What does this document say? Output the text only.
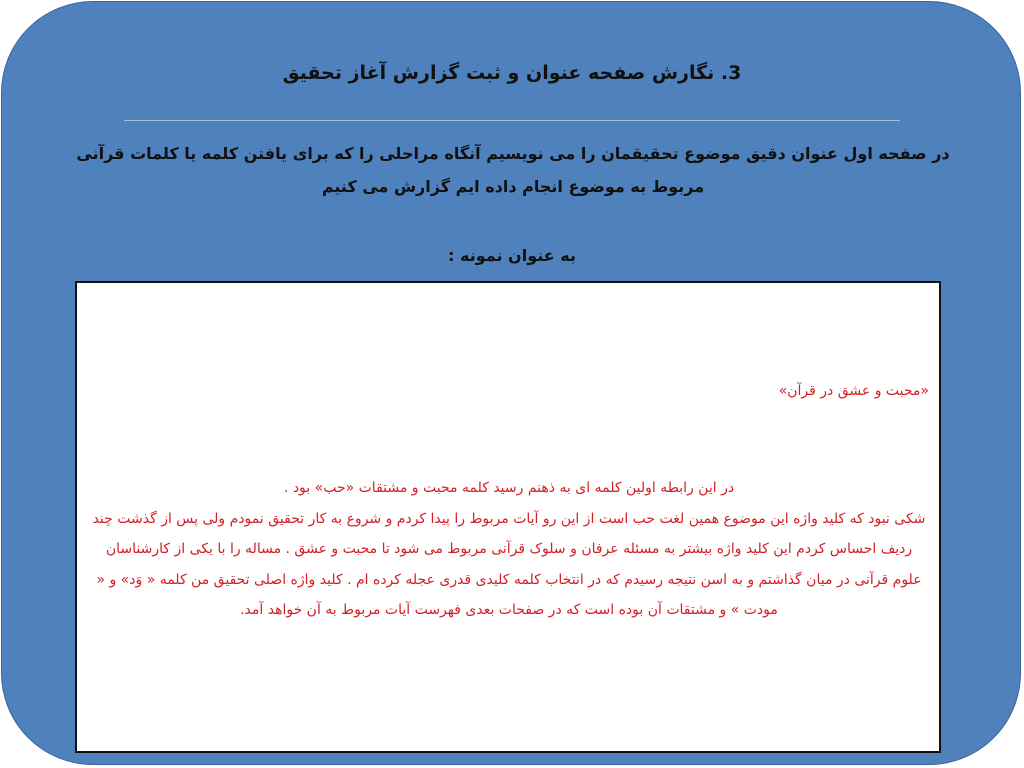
3. نگارش صفحه عنوان و ثبت گزارش آغاز تحقیق
در صفحه اول عنوان دقیق موضوع تحقیقمان را می نویسیم آنگاه مراحلی را که برای یافتن کلمه یا کلمات قرآنی مربوط به موضوع انجام داده ایم گزارش می کنیم
به عنوان نمونه :
«محبت و عشق در قرآن»

در این رابطه اولین کلمه ای به ذهنم رسید کلمه محبت و مشتقات «حب» بود .

شکی نبود که کلید واژه این موضوع همین لغت حب است از این رو آیات مربوط را پیدا کردم و شروع به کار تحقیق نمودم ولی پس از گذشت چند ردیف احساس کردم این کلید واژه بیشتر به مسئله عرفان و سلوک قرآنی مربوط می شود تا محبت و عشق . مساله را با یکی از کارشناسان علوم قرآنی در میان گذاشتم و به اسن نتیجه رسیدم که در انتخاب کلمه کلیدی قدری عجله کرده ام . کلید واژه اصلی تحقیق من کلمه « وَد» و « مودت » و مشتقات آن بوده است که در صفحات بعدی فهرست آیات مربوط به آن خواهد آمد.
